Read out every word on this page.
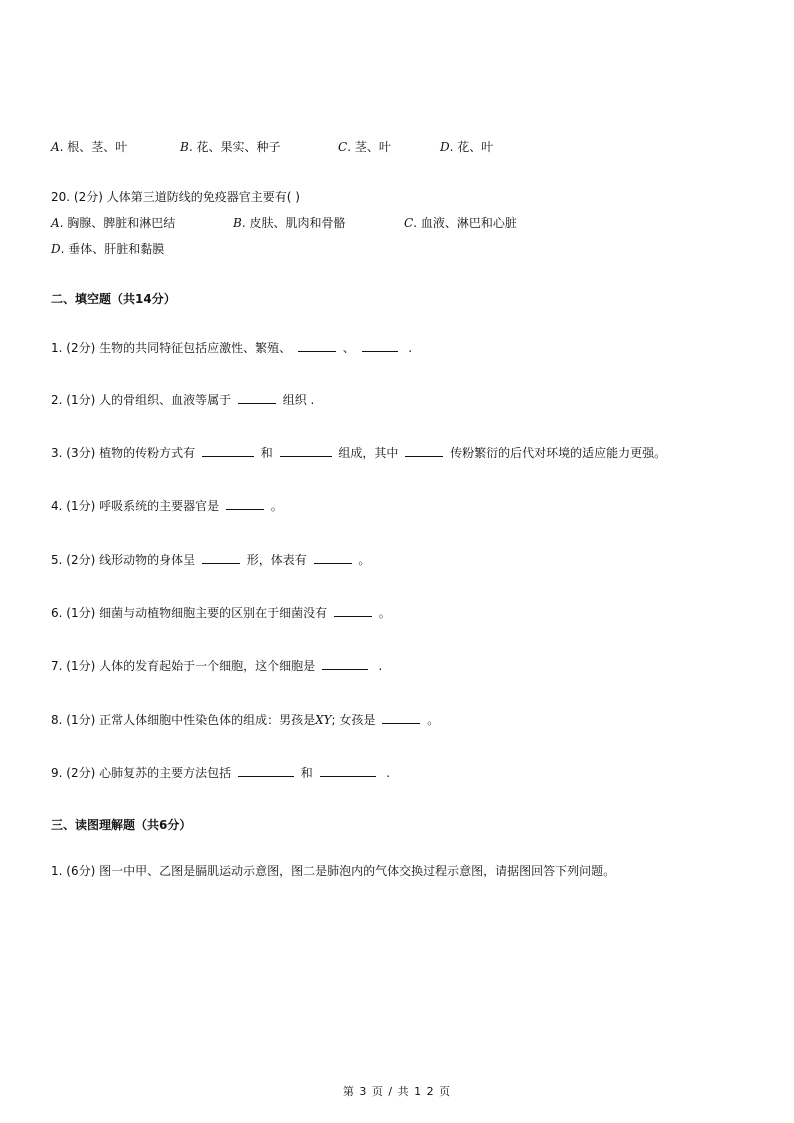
A. 根、茎、叶	B. 花、果实、种子	C. 茎、叶	D. 花、叶
20. (2分) 人体第三道防线的免疫器官主要有( )
A. 胸腺、脾脏和淋巴结	B. 皮肤、肌肉和骨骼	C. 血液、淋巴和心脏
D. 垂体、肝脏和黏膜
二、填空题（共14分）
1. (2分) 生物的共同特征包括应激性、繁殖、	、	.
2. (1分) 人的骨组织、血液等属于	组织 .
3. (3分) 植物的传粉方式有	和	组成，其中	传粉繁衍的后代对环境的适应能力更强。
4. (1分) 呼吸系统的主要器官是	。
5. (2分) 线形动物的身体呈	形，体表有	。
6. (1分) 细菌与动植物细胞主要的区别在于细菌没有	。
7. (1分) 人体的发育起始于一个细胞，这个细胞是	.
8. (1分) 正常人体细胞中性染色体的组成：男孩是XY; 女孩是	。
9. (2分) 心肺复苏的主要方法包括	和	.
三、读图理解题（共6分）
1. (6分) 图一中甲、乙图是膈肌运动示意图，图二是肺泡内的气体交换过程示意图，请据图回答下列问题。
第 3 页 / 共 1 2 页
